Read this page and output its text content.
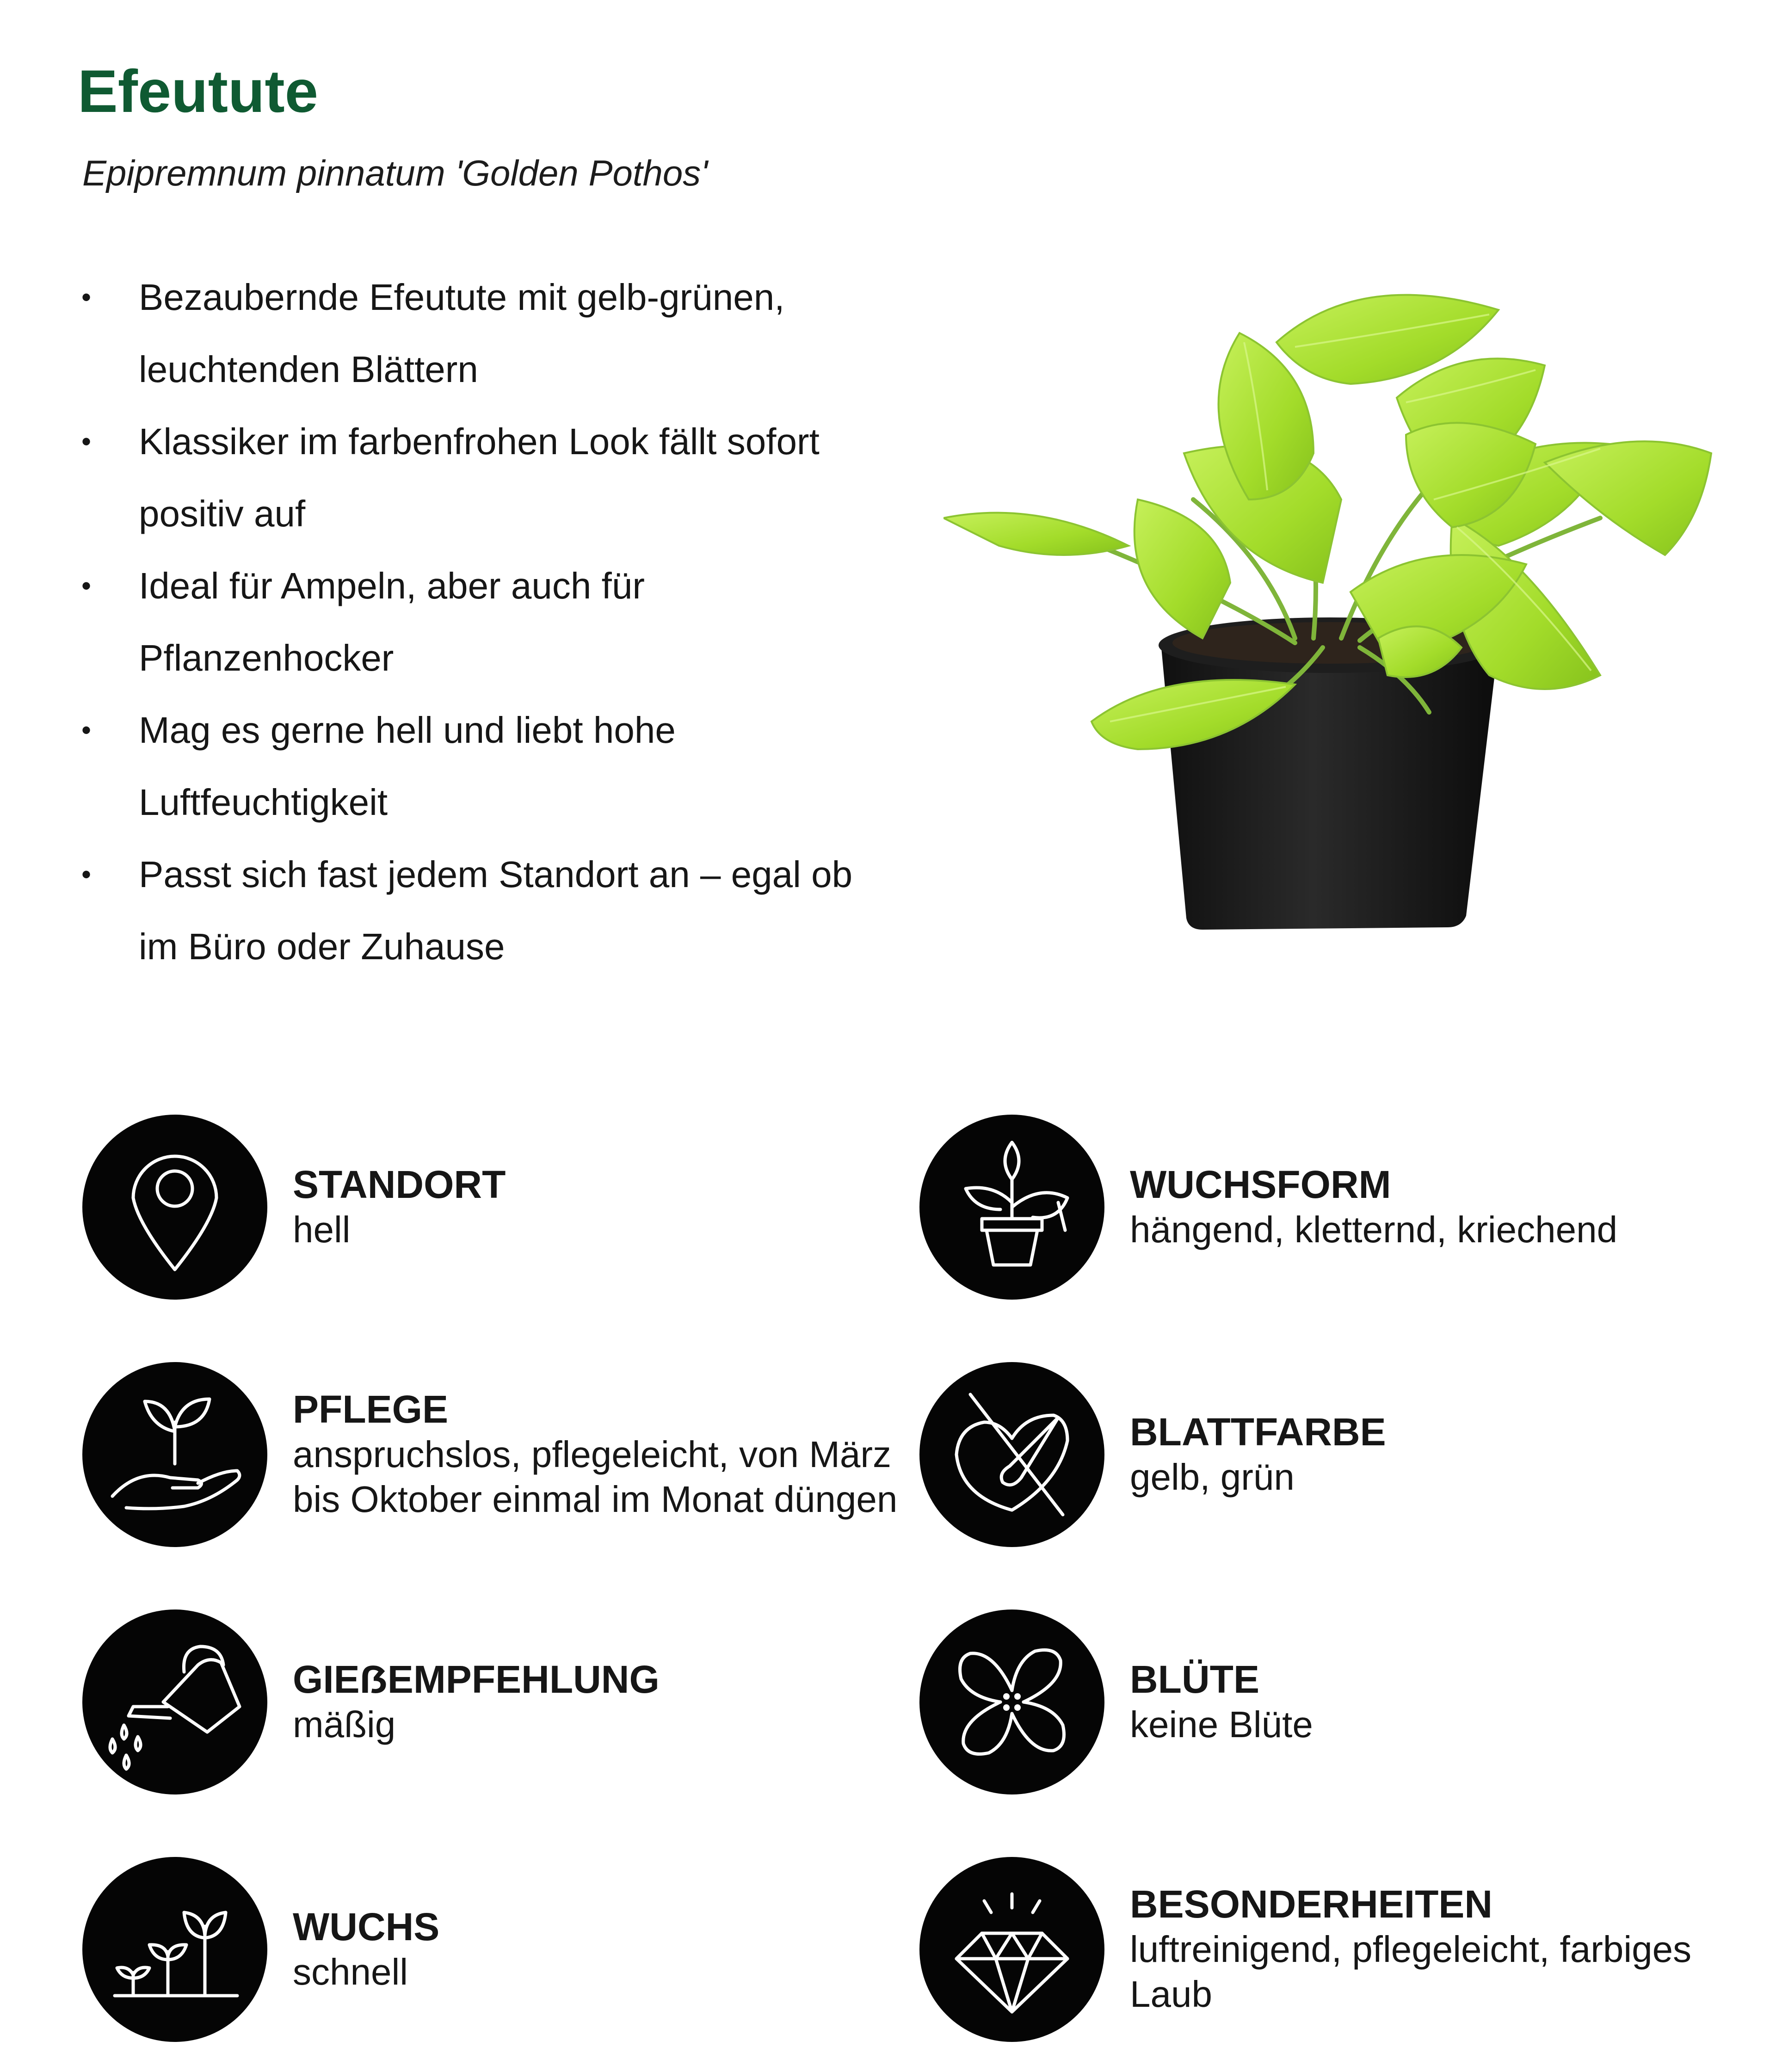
Efeutute

Epipremnum pinnatum 'Golden Pothos'

• Bezaubernde Efeutute mit gelb-grünen, leuchtenden Blättern
• Klassiker im farbenfrohen Look fällt sofort positiv auf
• Ideal für Ampeln, aber auch für Pflanzenhocker
• Mag es gerne hell und liebt hohe Luftfeuchtigkeit
• Passt sich fast jedem Standort an – egal ob im Büro oder Zuhause
STANDORT
hell
WUCHSFORM
hängend, kletternd, kriechend
PFLEGE
anspruchslos, pflegeleicht, von März bis Oktober einmal im Monat düngen
BLATTFARBE
gelb, grün
GIEẞEMPFEHLUNG
mäßig
BLÜTE
keine Blüte
WUCHS
schnell
BESONDERHEITEN
luftreinigend, pflegeleicht, farbiges Laub
